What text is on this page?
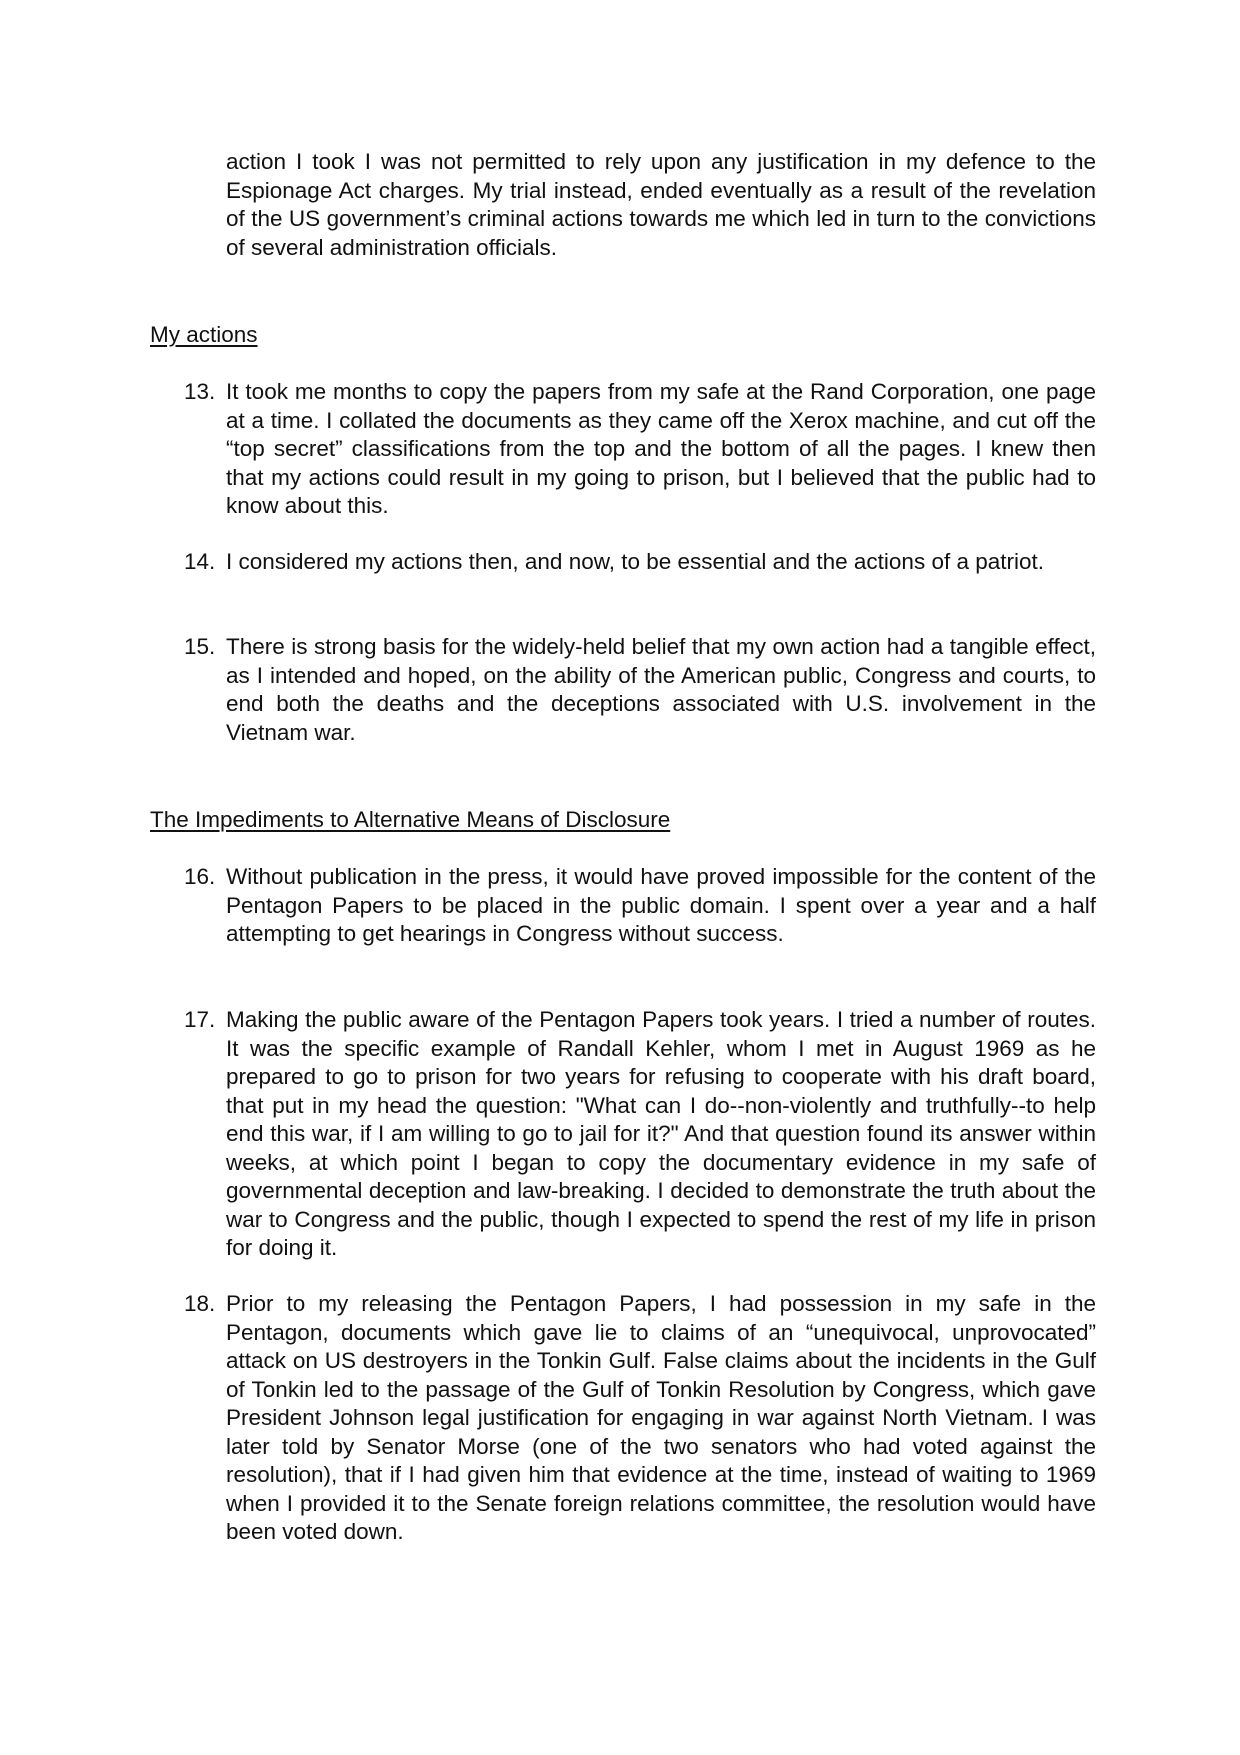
action I took I was not permitted to rely upon any justification in my defence to the Espionage Act charges. My trial instead, ended eventually as a result of the revelation of the US government’s criminal actions towards me which led in turn to the convictions of several administration officials.

My actions
13. It took me months to copy the papers from my safe at the Rand Corporation, one page at a time. I collated the documents as they came off the Xerox machine, and cut off the “top secret” classifications from the top and the bottom of all the pages. I knew then that my actions could result in my going to prison, but I believed that the public had to know about this.

14. I considered my actions then, and now, to be essential and the actions of a patriot.

15. There is strong basis for the widely-held belief that my own action had a tangible effect, as I intended and hoped, on the ability of the American public, Congress and courts, to end both the deaths and the deceptions associated with U.S. involvement in the Vietnam war.

The Impediments to Alternative Means of Disclosure
16. Without publication in the press, it would have proved impossible for the content of the Pentagon Papers to be placed in the public domain. I spent over a year and a half attempting to get hearings in Congress without success.

17. Making the public aware of the Pentagon Papers took years. I tried a number of routes. It was the specific example of Randall Kehler, whom I met in August 1969 as he prepared to go to prison for two years for refusing to cooperate with his draft board, that put in my head the question: "What can I do--non-violently and truthfully--to help end this war, if I am willing to go to jail for it?" And that question found its answer within weeks, at which point I began to copy the documentary evidence in my safe of governmental deception and law-breaking. I decided to demonstrate the truth about the war to Congress and the public, though I expected to spend the rest of my life in prison for doing it.

18. Prior to my releasing the Pentagon Papers, I had possession in my safe in the Pentagon, documents which gave lie to claims of an “unequivocal, unprovocated” attack on US destroyers in the Tonkin Gulf. False claims about the incidents in the Gulf of Tonkin led to the passage of the Gulf of Tonkin Resolution by Congress, which gave President Johnson legal justification for engaging in war against North Vietnam. I was later told by Senator Morse (one of the two senators who had voted against the resolution), that if I had given him that evidence at the time, instead of waiting to 1969 when I provided it to the Senate foreign relations committee, the resolution would have been voted down.
